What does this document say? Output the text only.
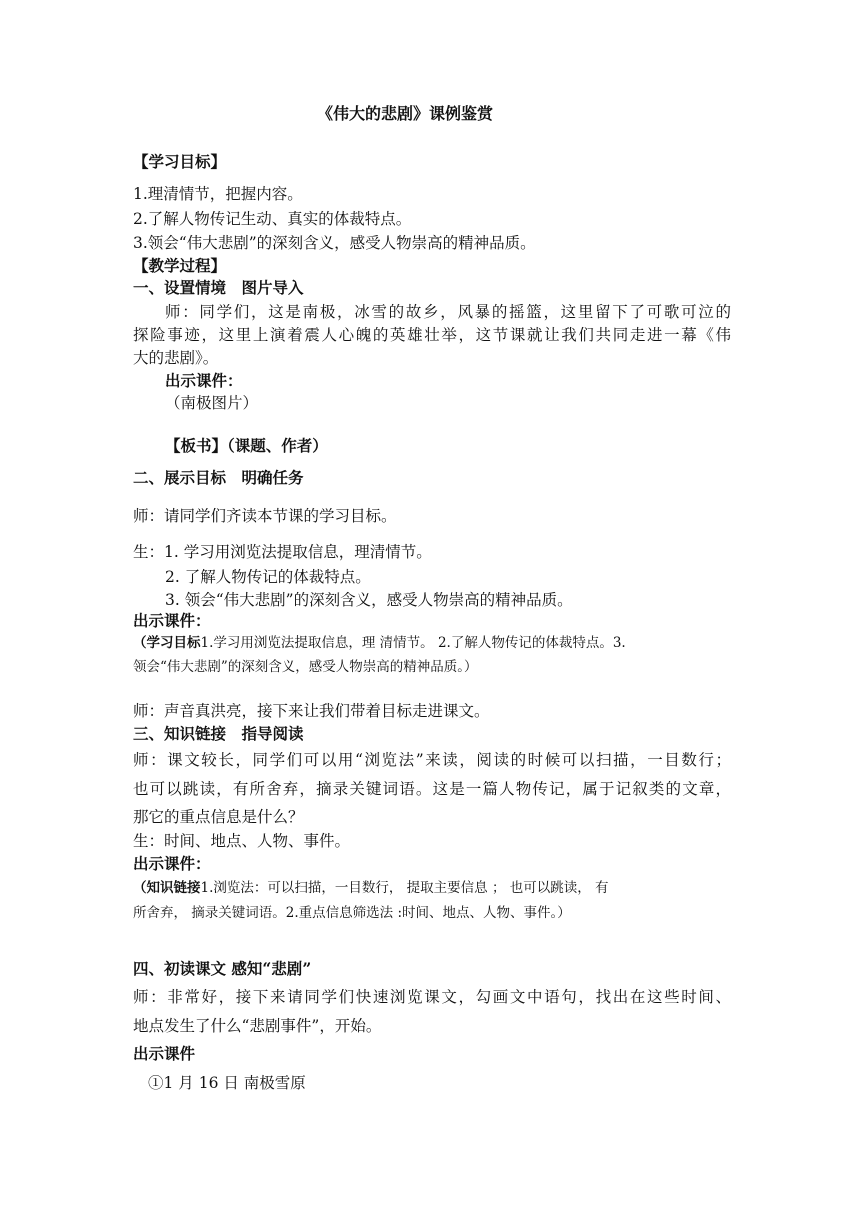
《伟大的悲剧》课例鉴赏
【学习目标】
1.理清情节，把握内容。
2.了解人物传记生动、真实的体裁特点。
3.领会“伟大悲剧”的深刻含义，感受人物崇高的精神品质。
【教学过程】
一、设置情境　图片导入
师：同学们，这是南极，冰雪的故乡，风暴的摇篮，这里留下了可歌可泣的
探险事迹，这里上演着震人心魄的英雄壮举，这节课就让我们共同走进一幕《伟
大的悲剧》。
出示课件：
（南极图片）
【板书】（课题、作者）
二、展示目标　明确任务
师：请同学们齐读本节课的学习目标。
生：1. 学习用浏览法提取信息，理清情节。
2. 了解人物传记的体裁特点。
3. 领会“伟大悲剧”的深刻含义，感受人物崇高的精神品质。
出示课件：
（学习目标1.学习用浏览法提取信息，理 清情节。 2.了解人物传记的体裁特点。3.
领会“伟大悲剧”的深刻含义，感受人物崇高的精神品质。）
师：声音真洪亮，接下来让我们带着目标走进课文。
三、知识链接　指导阅读
师：课文较长，同学们可以用“浏览法”来读，阅读的时候可以扫描，一目数行；
也可以跳读，有所舍弃，摘录关键词语。这是一篇人物传记，属于记叙类的文章，
那它的重点信息是什么？
生：时间、地点、人物、事件。
出示课件：
（知识链接1.浏览法：可以扫描，一目数行， 提取主要信息 ； 也可以跳读， 有
所舍弃， 摘录关键词语。2.重点信息筛选法 :时间、地点、人物、事件。）
四、初读课文 感知“悲剧”
师：非常好，接下来请同学们快速浏览课文，勾画文中语句，找出在这些时间、
地点发生了什么“悲剧事件”，开始。
出示课件
①1 月 16 日 南极雪原
